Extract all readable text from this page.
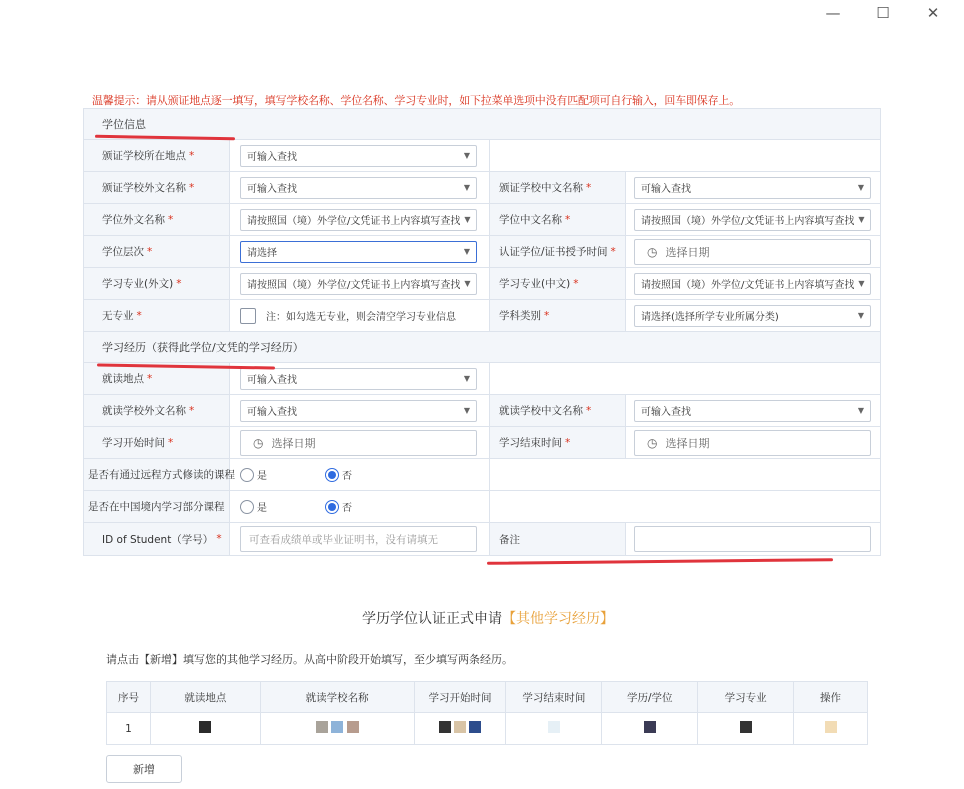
—	☐	✕
温馨提示：请从颁证地点逐一填写，填写学校名称、学位名称、学习专业时，如下拉菜单选项中没有匹配项可自行输入，回车即保存上。
学位信息
颁证学校所在地点 *	可输入查找	▼
颁证学校外文名称 *	可输入查找	▼	颁证学校中文名称 *	可输入查找	▼
学位外文名称 *	请按照国（境）外学位/文凭证书上内容填写查找 ▼	学位中文名称 *	请按照国（境）外学位/文凭证书上内容填写查找 ▼
学位层次 *	请选择	▼	认证学位/证书授予时间 *	◷ 选择日期
学习专业(外文) *	请按照国（境）外学位/文凭证书上内容填写查找 ▼	学习专业(中文) *	请按照国（境）外学位/文凭证书上内容填写查找 ▼
无专业 *	注：如勾选无专业，则会清空学习专业信息	学科类别 *	请选择(选择所学专业所属分类)	▼
学习经历（获得此学位/文凭的学习经历）
就读地点 *	可输入查找	▼
就读学校外文名称 *	可输入查找	▼	就读学校中文名称 *	可输入查找	▼
学习开始时间 *	◷ 选择日期	学习结束时间 *	◷ 选择日期
是否有通过远程方式修读的课程 是	否
是否在中国境内学习部分课程	是	否
ID of Student（学号） *	可查看成绩单或毕业证明书，没有请填无	备注
学历学位认证正式申请【其他学习经历】
请点击【新增】填写您的其他学习经历。从高中阶段开始填写，至少填写两条经历。
序号	就读地点	就读学校名称	学习开始时间	学习结束时间	学历/学位	学习专业	操作
1							
新增
